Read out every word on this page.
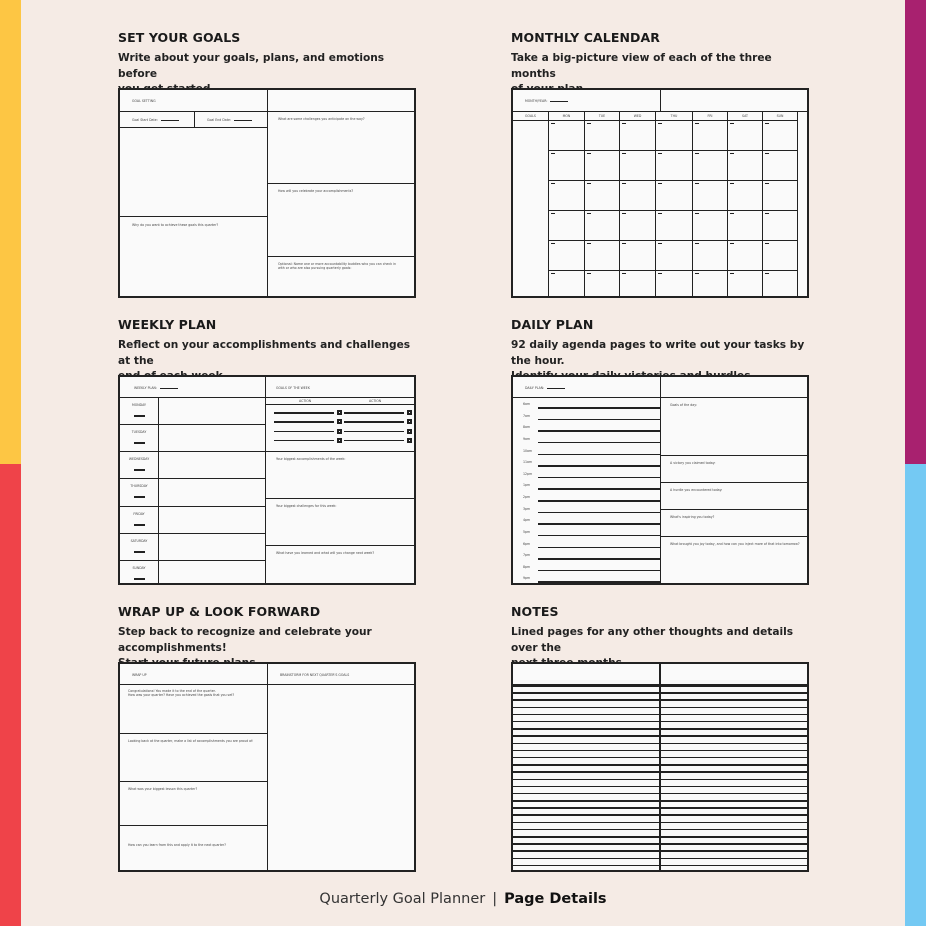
SET YOUR GOALS
Write about your goals, plans, and emotions before
GOAL SETTING
Goal Start Date:	Goal End Date:
Why do you want to achieve these goals this quarter?
What are some challenges you anticipate on the way?
How will you celebrate your accomplishments?
Optional: Name one or more accountability buddies who you can check in
with or who are also pursuing quarterly goals:
MONTHLY CALENDAR
Take a big-picture view of each of the three months
MONTH/YEAR:
GOALS	MON	TUE	WED	THU	FRI	SAT	SUN
WEEKLY PLAN
Reflect on your accomplishments and challenges at the
WEEKLY PLAN:	GOALS OF THE WEEK
MONDAY
TUESDAY
WEDNESDAY
THURSDAY
FRIDAY
SATURDAY
SUNDAY
ACTION	ACTION
Your biggest accomplishments of the week:
Your biggest challenges for this week:
What have you learned and what will you change next week?
DAILY PLAN
92 daily agenda pages to write out your tasks by the hour.
DAILY PLAN:
6am
7am
8am
9am
10am
11am
12pm
1pm
2pm
3pm
4pm
5pm
6pm
7pm
8pm
9pm
Goals of the day:
A victory you claimed today:
A hurdle you encountered today:
What's inspiring you today?
What brought you joy today, and how can you inject more of that into tomorrow?
WRAP UP & LOOK FORWARD
Step back to recognize and celebrate your accomplishments!
WRAP UP	BRAINSTORM FOR NEXT QUARTER'S GOALS
Congratulations! You made it to the end of the quarter.
How was your quarter? Have you achieved the goals that you set?
Looking back at the quarter, make a list of accomplishments you are proud of:
What was your biggest lesson this quarter?
How can you learn from this and apply it to the next quarter?
NOTES
Lined pages for any other thoughts and details over the
Quarterly Goal Planner | Page Details
